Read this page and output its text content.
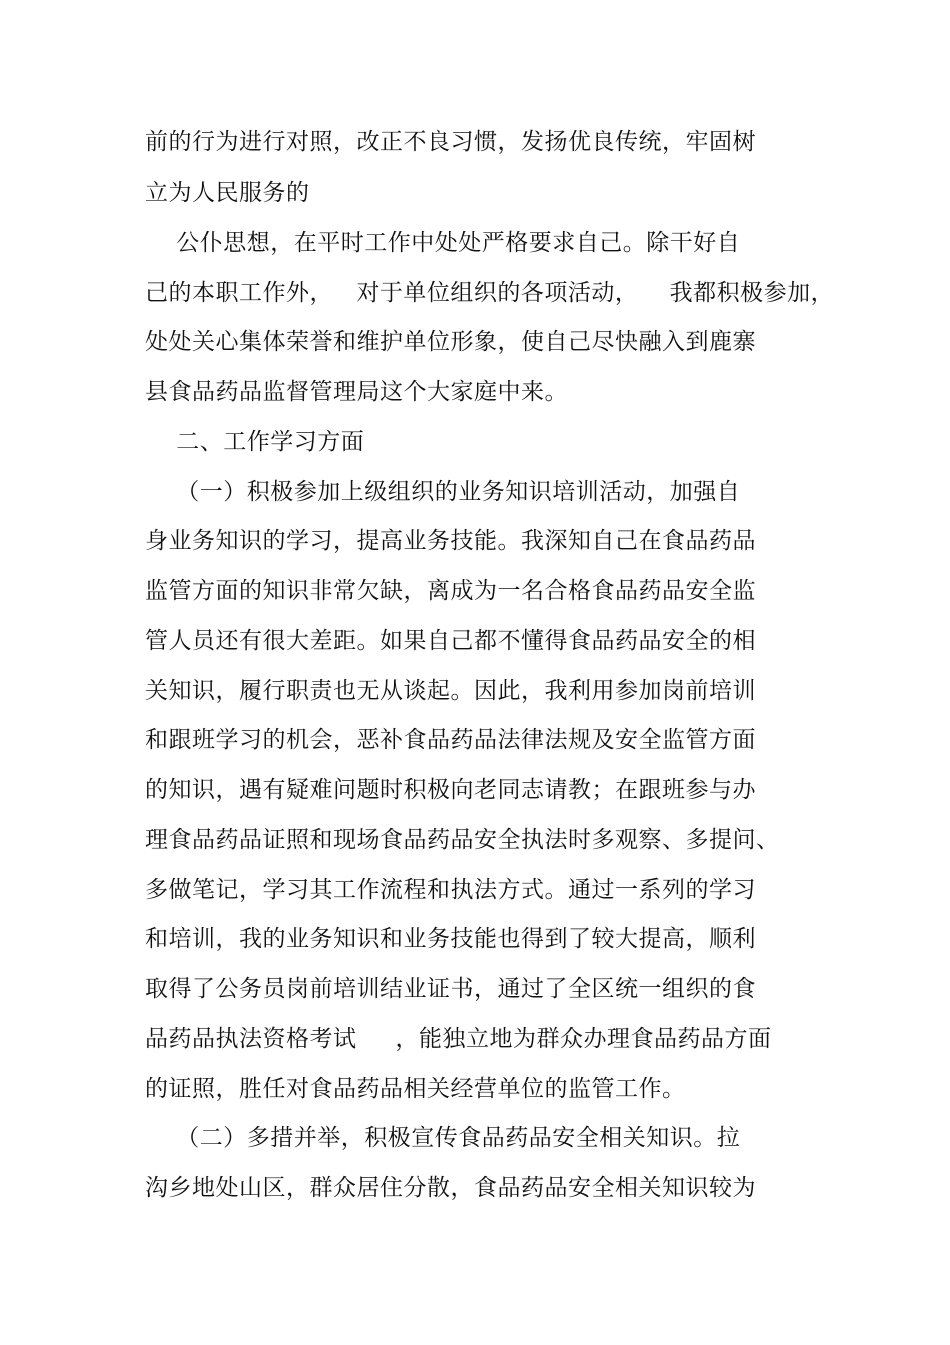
前的行为进行对照，改正不良习惯，发扬优良传统，牢固树
立为人民服务的
公仆思想，在平时工作中处处严格要求自己。除干好自
己的本职工作外，   对于单位组织的各项活动，    我都积极参加，
处处关心集体荣誉和维护单位形象，使自己尽快融入到鹿寨
县食品药品监督管理局这个大家庭中来。
二、工作学习方面
（一）积极参加上级组织的业务知识培训活动，加强自
身业务知识的学习，提高业务技能。我深知自己在食品药品
监管方面的知识非常欠缺，离成为一名合格食品药品安全监
管人员还有很大差距。如果自己都不懂得食品药品安全的相
关知识，履行职责也无从谈起。因此，我利用参加岗前培训
和跟班学习的机会，恶补食品药品法律法规及安全监管方面
的知识，遇有疑难问题时积极向老同志请教；在跟班参与办
理食品药品证照和现场食品药品安全执法时多观察、多提问、
多做笔记，学习其工作流程和执法方式。通过一系列的学习
和培训，我的业务知识和业务技能也得到了较大提高，顺利
取得了公务员岗前培训结业证书，通过了全区统一组织的食
品药品执法资格考试     ，能独立地为群众办理食品药品方面
的证照，胜任对食品药品相关经营单位的监管工作。
（二）多措并举，积极宣传食品药品安全相关知识。拉
沟乡地处山区，群众居住分散，食品药品安全相关知识较为
